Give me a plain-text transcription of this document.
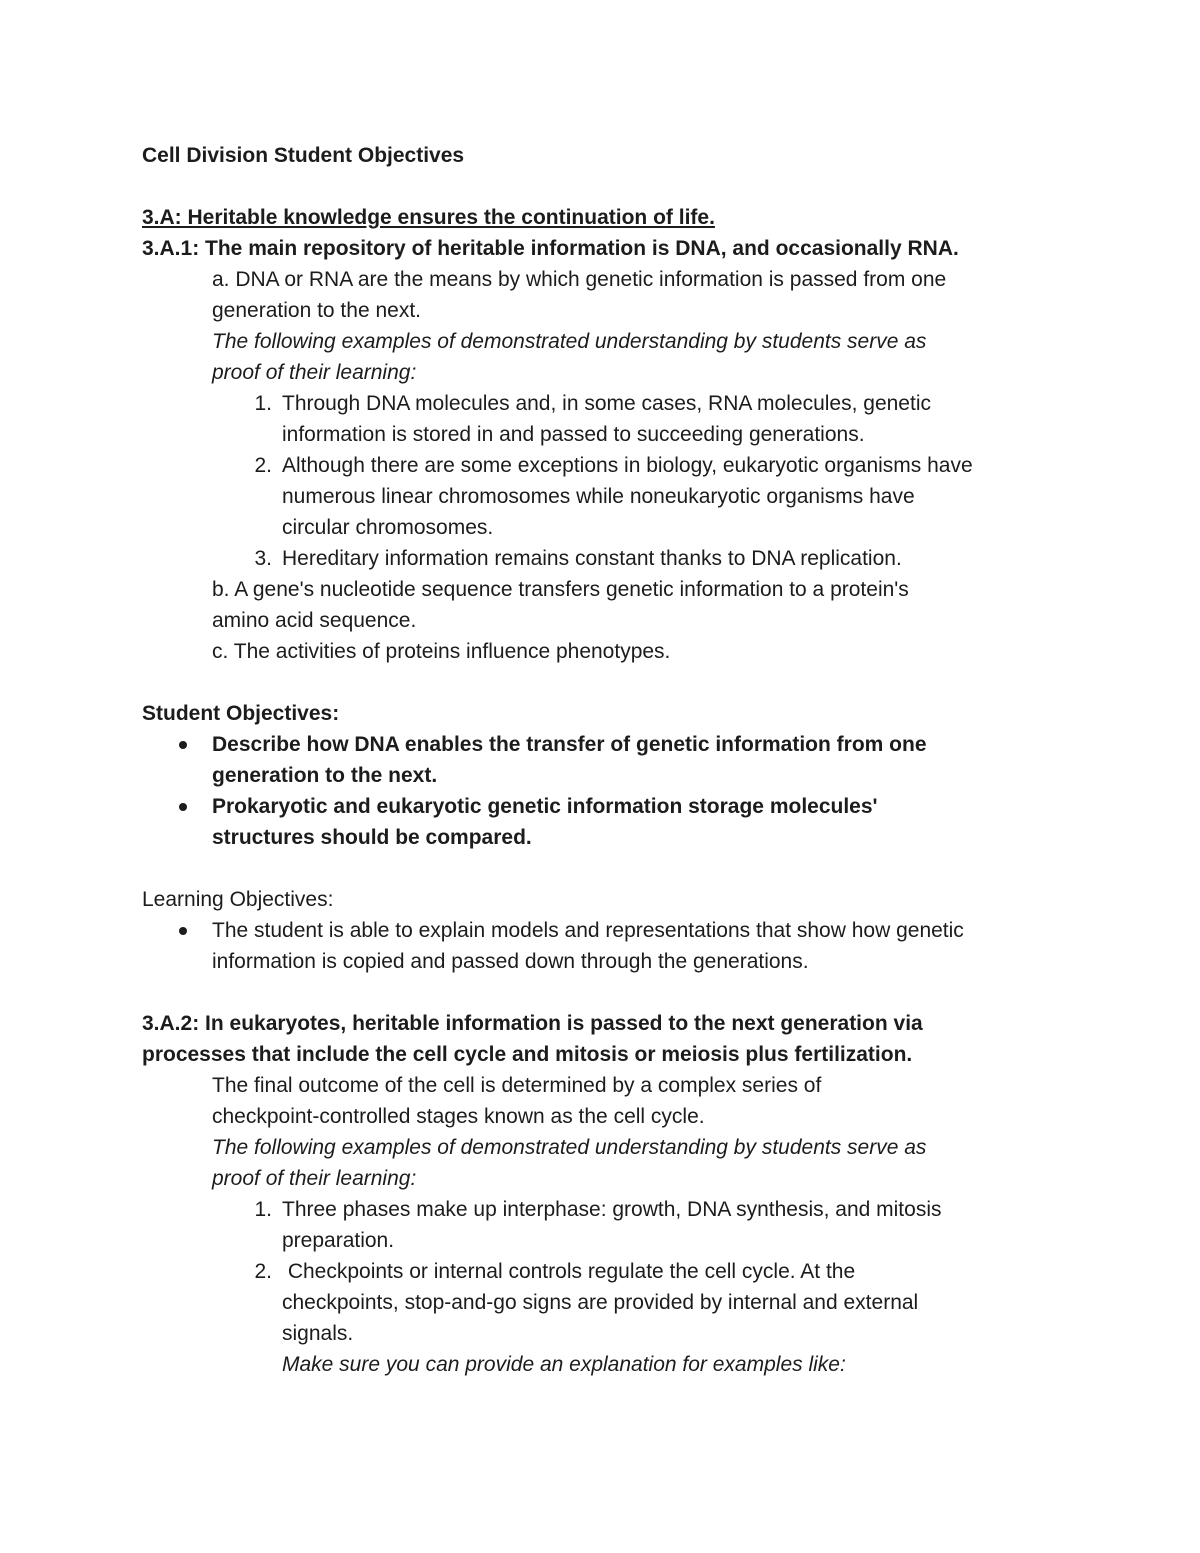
Cell Division Student Objectives
3.A: Heritable knowledge ensures the continuation of life.
3.A.1: The main repository of heritable information is DNA, and occasionally RNA.
a. DNA or RNA are the means by which genetic information is passed from one
generation to the next.
The following examples of demonstrated understanding by students serve as
proof of their learning:
1. Through DNA molecules and, in some cases, RNA molecules, genetic
information is stored in and passed to succeeding generations.
2. Although there are some exceptions in biology, eukaryotic organisms have
numerous linear chromosomes while noneukaryotic organisms have
circular chromosomes.
3. Hereditary information remains constant thanks to DNA replication.
b. A gene's nucleotide sequence transfers genetic information to a protein's
amino acid sequence.
c. The activities of proteins influence phenotypes.
Student Objectives:
Describe how DNA enables the transfer of genetic information from one
generation to the next.
Prokaryotic and eukaryotic genetic information storage molecules'
structures should be compared.
Learning Objectives:
The student is able to explain models and representations that show how genetic
information is copied and passed down through the generations.
3.A.2: In eukaryotes, heritable information is passed to the next generation via
processes that include the cell cycle and mitosis or meiosis plus fertilization.
The final outcome of the cell is determined by a complex series of
checkpoint-controlled stages known as the cell cycle.
The following examples of demonstrated understanding by students serve as
proof of their learning:
1. Three phases make up interphase: growth, DNA synthesis, and mitosis
preparation.
2. Checkpoints or internal controls regulate the cell cycle. At the
checkpoints, stop-and-go signs are provided by internal and external
signals.
Make sure you can provide an explanation for examples like:
